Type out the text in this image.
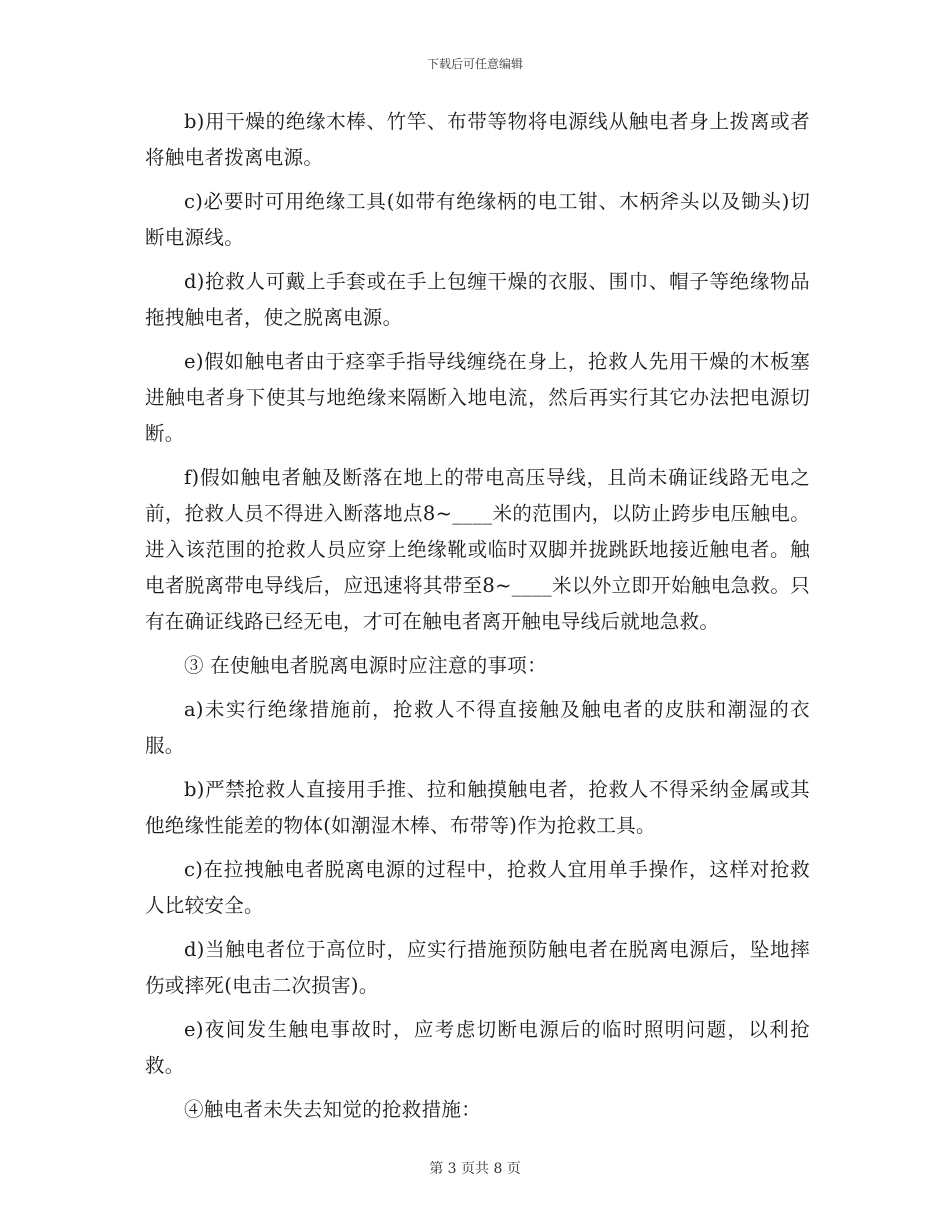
下载后可任意编辑

b)用干燥的绝缘木棒、竹竿、布带等物将电源线从触电者身上拨离或者将触电者拨离电源。

c)必要时可用绝缘工具(如带有绝缘柄的电工钳、木柄斧头以及锄头)切断电源线。

d)抢救人可戴上手套或在手上包缠干燥的衣服、围巾、帽子等绝缘物品拖拽触电者，使之脱离电源。

e)假如触电者由于痉挛手指导线缠绕在身上，抢救人先用干燥的木板塞进触电者身下使其与地绝缘来隔断入地电流，然后再实行其它办法把电源切断。

f)假如触电者触及断落在地上的带电高压导线，且尚未确证线路无电之前，抢救人员不得进入断落地点8~____米的范围内，以防止跨步电压触电。进入该范围的抢救人员应穿上绝缘靴或临时双脚并拢跳跃地接近触电者。触电者脱离带电导线后，应迅速将其带至8~____米以外立即开始触电急救。只有在确证线路已经无电，才可在触电者离开触电导线后就地急救。

③ 在使触电者脱离电源时应注意的事项：

a)未实行绝缘措施前，抢救人不得直接触及触电者的皮肤和潮湿的衣服。

b)严禁抢救人直接用手推、拉和触摸触电者，抢救人不得采纳金属或其他绝缘性能差的物体(如潮湿木棒、布带等)作为抢救工具。

c)在拉拽触电者脱离电源的过程中，抢救人宜用单手操作，这样对抢救人比较安全。

d)当触电者位于高位时，应实行措施预防触电者在脱离电源后，坠地摔伤或摔死(电击二次损害)。

e)夜间发生触电事故时，应考虑切断电源后的临时照明问题，以利抢救。

④触电者未失去知觉的抢救措施：

第 3 页共 8 页
